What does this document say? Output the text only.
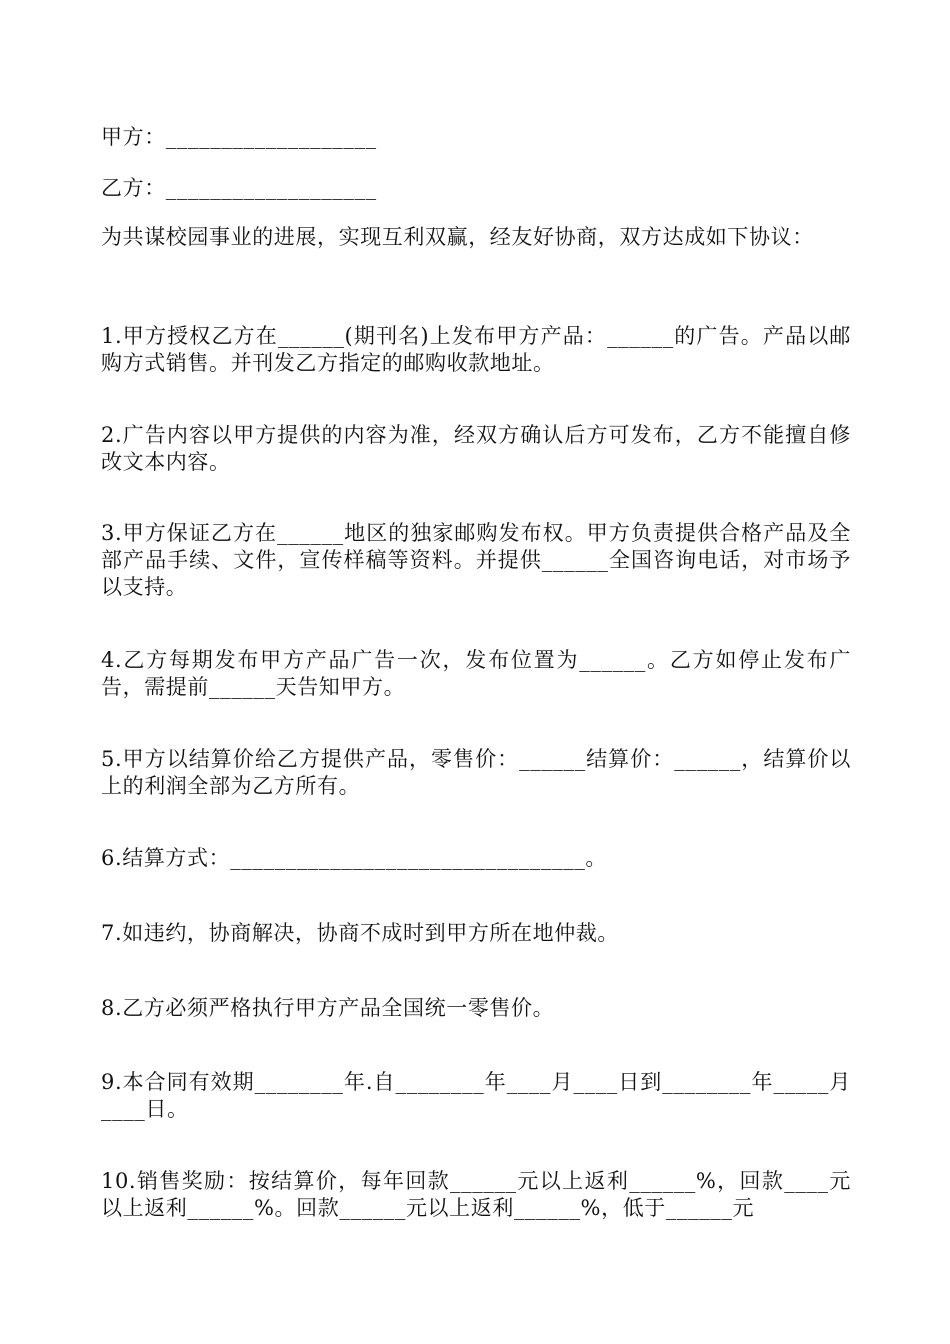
甲方：___________________

乙方：___________________

为共谋校园事业的进展，实现互利双赢，经友好协商，双方达成如下协议：

1.甲方授权乙方在______(期刊名)上发布甲方产品：______的广告。产品以邮购方式销售。并刊发乙方指定的邮购收款地址。

2.广告内容以甲方提供的内容为准，经双方确认后方可发布，乙方不能擅自修改文本内容。

3.甲方保证乙方在______地区的独家邮购发布权。甲方负责提供合格产品及全部产品手续、文件，宣传样稿等资料。并提供______全国咨询电话，对市场予以支持。

4.乙方每期发布甲方产品广告一次，发布位置为______。乙方如停止发布广告，需提前______天告知甲方。

5.甲方以结算价给乙方提供产品，零售价：______结算价：______，结算价以上的利润全部为乙方所有。

6.结算方式：________________________________。

7.如违约，协商解决，协商不成时到甲方所在地仲裁。

8.乙方必须严格执行甲方产品全国统一零售价。

9.本合同有效期________年.自________年____月____日到________年_____月____日。

10.销售奖励：按结算价，每年回款______元以上返利______%，回款____元以上返利______%。回款______元以上返利______%，低于______元
